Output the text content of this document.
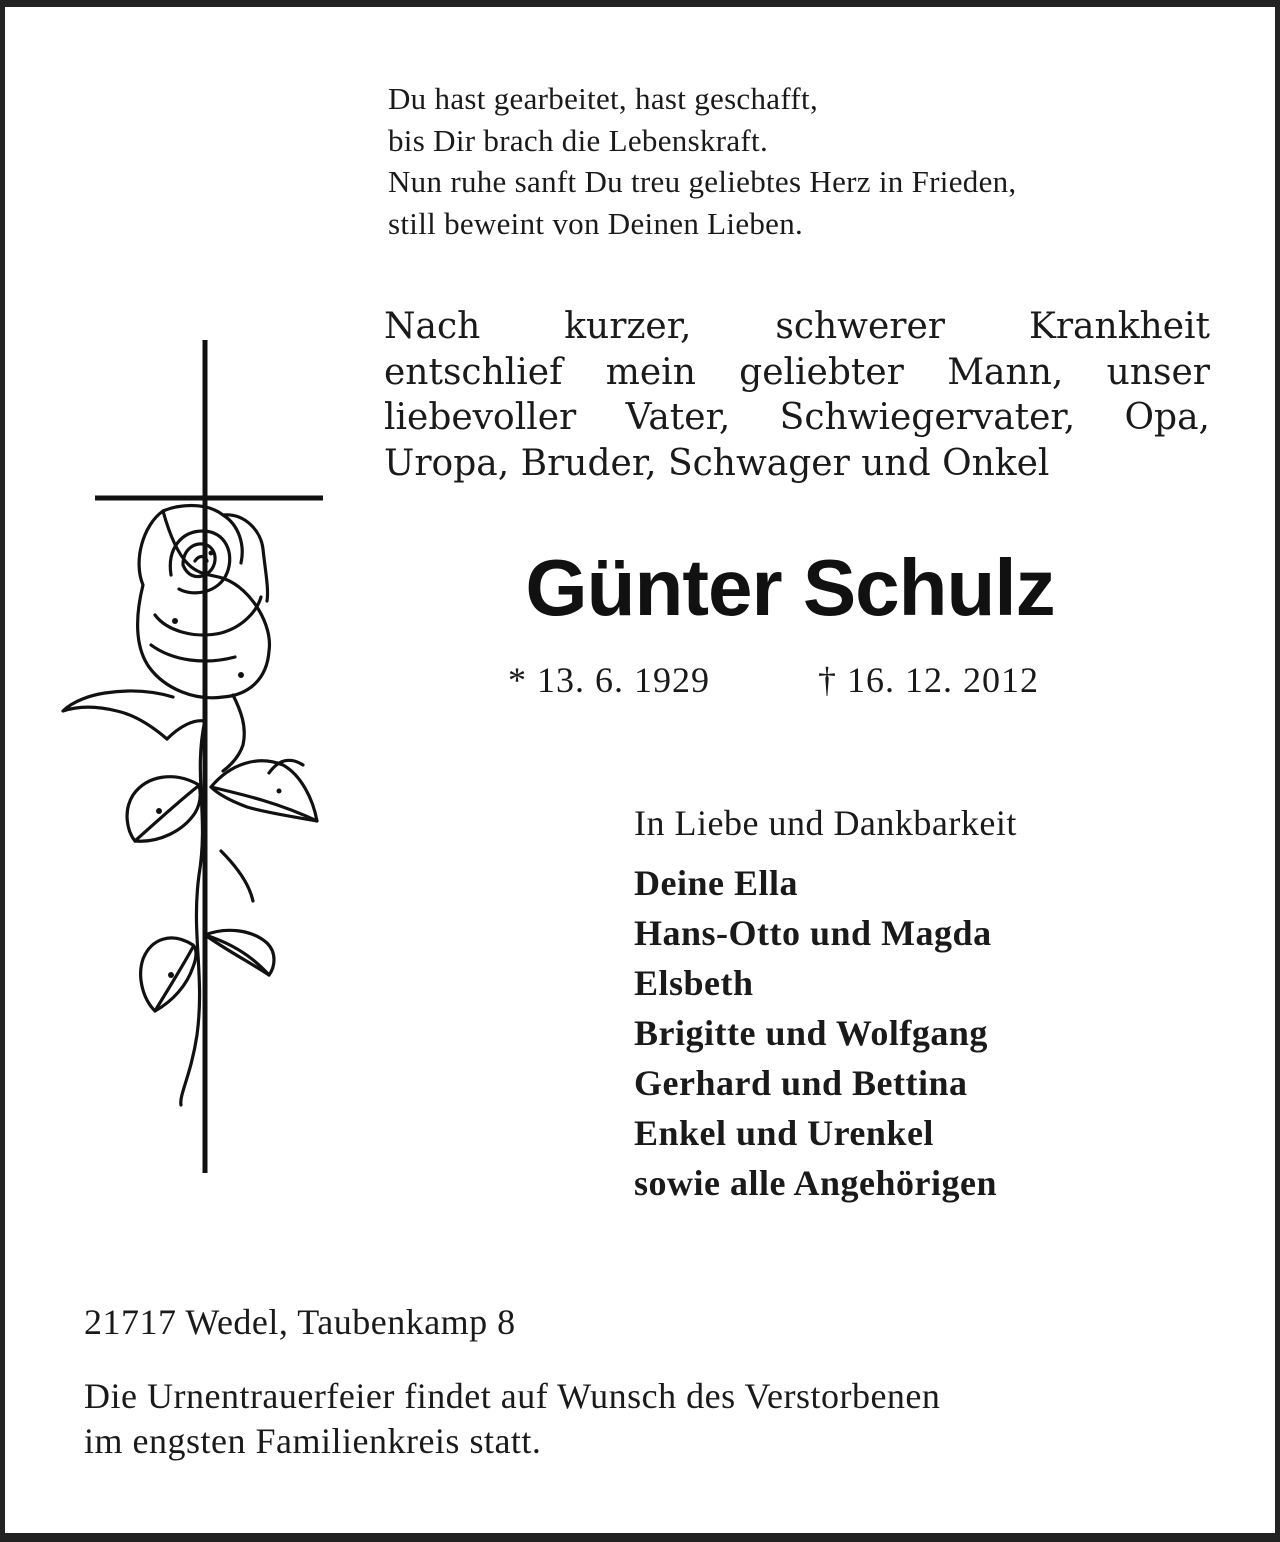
Du hast gearbeitet, hast geschafft,
bis Dir brach die Lebenskraft.
Nun ruhe sanft Du treu geliebtes Herz in Frieden,
still beweint von Deinen Lieben.
Nach kurzer, schwerer Krankheit
entschlief mein geliebter Mann, unser
liebevoller Vater, Schwiegervater, Opa,
Uropa, Bruder, Schwager und Onkel
Günter Schulz
* 13. 6. 1929	† 16. 12. 2012
In Liebe und Dankbarkeit
Deine Ella
Hans-Otto und Magda
Elsbeth
Brigitte und Wolfgang
Gerhard und Bettina
Enkel und Urenkel
sowie alle Angehörigen
21717 Wedel, Taubenkamp 8
Die Urnentrauerfeier findet auf Wunsch des Verstorbenen
im engsten Familienkreis statt.
